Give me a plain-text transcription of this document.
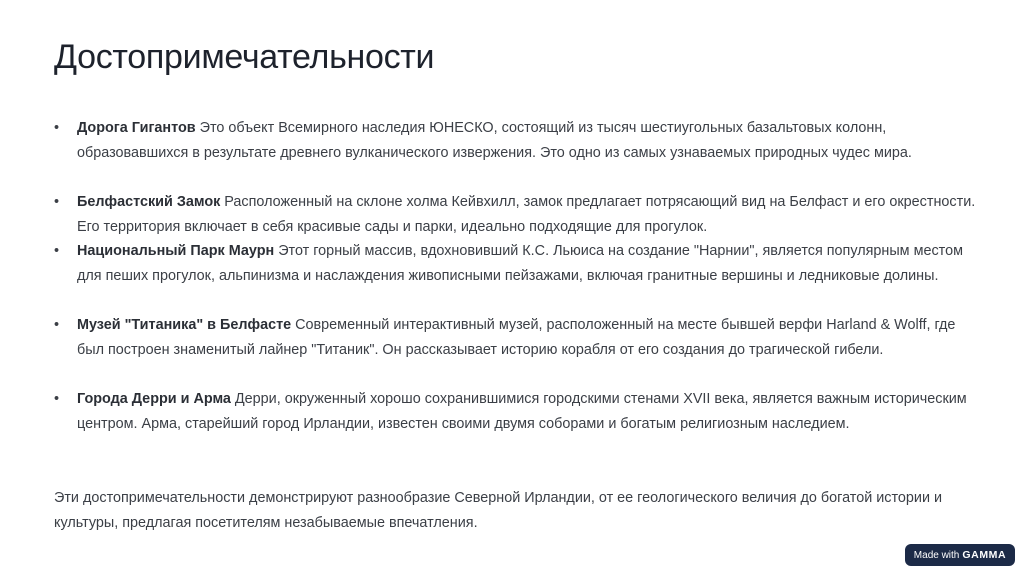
Достопримечательности
• Дорога Гигантов Это объект Всемирного наследия ЮНЕСКО, состоящий из тысяч шестиугольных базальтовых колонн, образовавшихся в результате древнего вулканического извержения. Это одно из самых узнаваемых природных чудес мира.
• Белфастский Замок Расположенный на склоне холма Кейвхилл, замок предлагает потрясающий вид на Белфаст и его окрестности. Его территория включает в себя красивые сады и парки, идеально подходящие для прогулок.
• Национальный Парк Маурн Этот горный массив, вдохновивший К.С. Льюиса на создание "Нарнии", является популярным местом для пеших прогулок, альпинизма и наслаждения живописными пейзажами, включая гранитные вершины и ледниковые долины.
• Музей "Титаника" в Белфасте Современный интерактивный музей, расположенный на месте бывшей верфи Harland & Wolff, где был построен знаменитый лайнер "Титаник". Он рассказывает историю корабля от его создания до трагической гибели.
• Города Дерри и Арма Дерри, окруженный хорошо сохранившимися городскими стенами XVII века, является важным историческим центром. Арма, старейший город Ирландии, известен своими двумя соборами и богатым религиозным наследием.

Эти достопримечательности демонстрируют разнообразие Северной Ирландии, от ее геологического величия до богатой истории и культуры, предлагая посетителям незабываемые впечатления.

Made with GAMMA
